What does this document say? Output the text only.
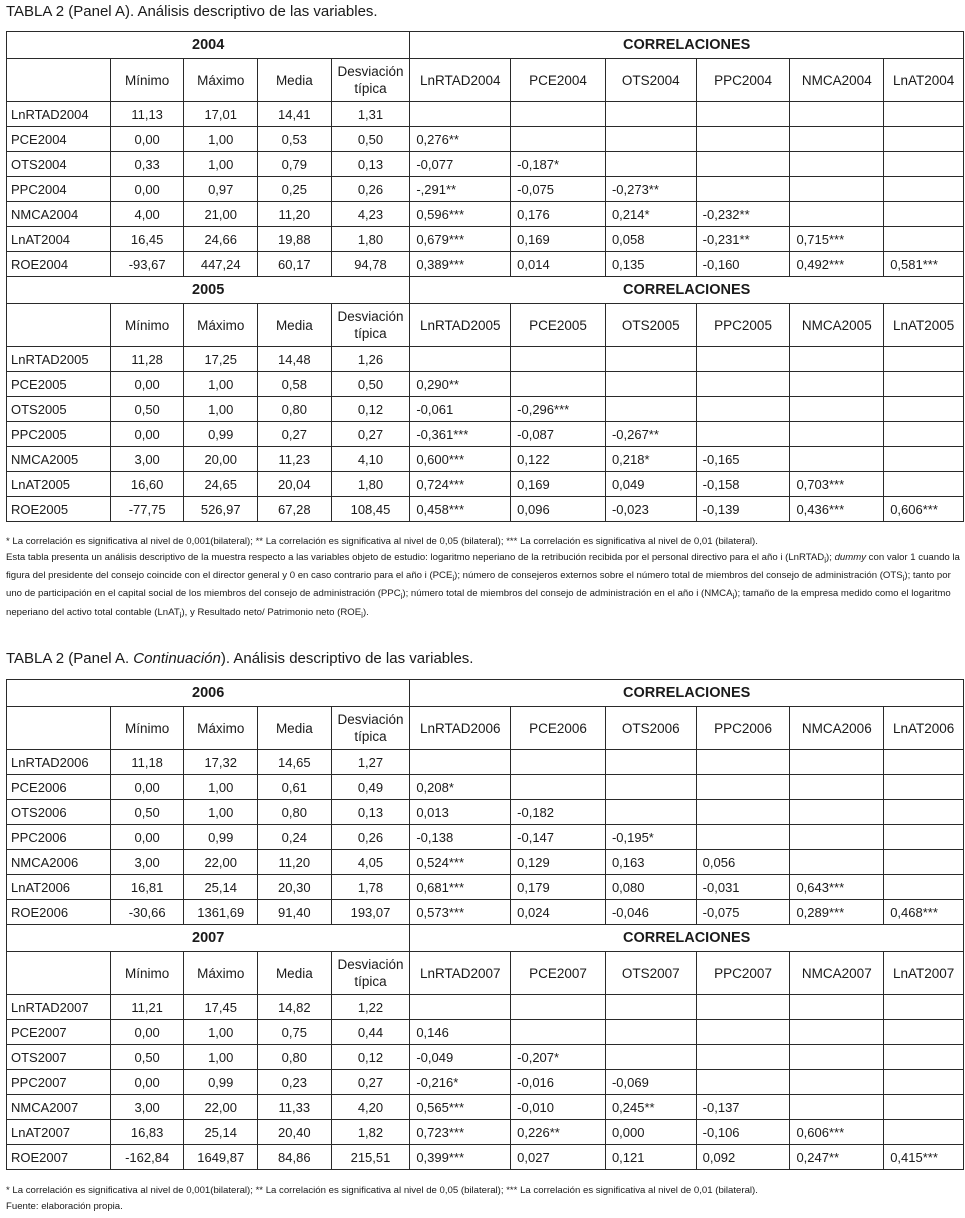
TABLA 2 (Panel A). Análisis descriptivo de las variables.
2004					CORRELACIONES					
	Mínimo	Máximo	Media	Desviación típica	LnRTAD2004	PCE2004	OTS2004	PPC2004	NMCA2004	LnAT2004
LnRTAD2004	11,13	17,01	14,41	1,31						
PCE2004	0,00	1,00	0,53	0,50	0,276**					
OTS2004	0,33	1,00	0,79	0,13	-0,077	-0,187*				
PPC2004	0,00	0,97	0,25	0,26	-,291**	-0,075	-0,273**			
NMCA2004	4,00	21,00	11,20	4,23	0,596***	0,176	0,214*	-0,232**		
LnAT2004	16,45	24,66	19,88	1,80	0,679***	0,169	0,058	-0,231**	0,715***	
ROE2004	-93,67	447,24	60,17	94,78	0,389***	0,014	0,135	-0,160	0,492***	0,581***
2005					CORRELACIONES					
	Mínimo	Máximo	Media	Desviación típica	LnRTAD2005	PCE2005	OTS2005	PPC2005	NMCA2005	LnAT2005
LnRTAD2005	11,28	17,25	14,48	1,26						
PCE2005	0,00	1,00	0,58	0,50	0,290**					
OTS2005	0,50	1,00	0,80	0,12	-0,061	-0,296***				
PPC2005	0,00	0,99	0,27	0,27	-0,361***	-0,087	-0,267**			
NMCA2005	3,00	20,00	11,23	4,10	0,600***	0,122	0,218*	-0,165		
LnAT2005	16,60	24,65	20,04	1,80	0,724***	0,169	0,049	-0,158	0,703***	
ROE2005	-77,75	526,97	67,28	108,45	0,458***	0,096	-0,023	-0,139	0,436***	0,606***

* La correlación es significativa al nivel de 0,001(bilateral); ** La correlación es significativa al nivel de 0,05 (bilateral); *** La correlación es significativa al nivel de 0,01 (bilateral).

Esta tabla presenta un análisis descriptivo de la muestra respecto a las variables objeto de estudio: logaritmo neperiano de la retribución recibida por el personal directivo para el año i (LnRTAD$_i$); dummy con valor 1 cuando la figura del presidente del consejo coincide con el director general y 0 en caso contrario para el año i $(PCE_i)$; número de consejeros externos sobre el número total de miembros del consejo de administración $(OTS_i)$; tanto por uno de participación en el capital social de los miembros del consejo de administración $(PPC_i)$; número total de miembros del consejo de administración en el año i $(NMCA_i)$; tamaño de la empresa medido como el logaritmo neperiano del activo total contable (LnAT$_i$), y Resultado neto/ Patrimonio neto $(ROE_i)$.

TABLA 2 (Panel A. Continuación). Análisis descriptivo de las variables.
2006					CORRELACIONES					
	Mínimo	Máximo	Media	Desviación típica	LnRTAD2006	PCE2006	OTS2006	PPC2006	NMCA2006	LnAT2006
LnRTAD2006	11,18	17,32	14,65	1,27						
PCE2006	0,00	1,00	0,61	0,49	0,208*					
OTS2006	0,50	1,00	0,80	0,13	0,013	-0,182				
PPC2006	0,00	0,99	0,24	0,26	-0,138	-0,147	-0,195*			
NMCA2006	3,00	22,00	11,20	4,05	0,524***	0,129	0,163	0,056		
LnAT2006	16,81	25,14	20,30	1,78	0,681***	0,179	0,080	-0,031	0,643***	
ROE2006	-30,66	1361,69	91,40	193,07	0,573***	0,024	-0,046	-0,075	0,289***	0,468***
2007					CORRELACIONES					
	Mínimo	Máximo	Media	Desviación típica	LnRTAD2007	PCE2007	OTS2007	PPC2007	NMCA2007	LnAT2007
LnRTAD2007	11,21	17,45	14,82	1,22						
PCE2007	0,00	1,00	0,75	0,44	0,146					
OTS2007	0,50	1,00	0,80	0,12	-0,049	-0,207*				
PPC2007	0,00	0,99	0,23	0,27	-0,216*	-0,016	-0,069			
NMCA2007	3,00	22,00	11,33	4,20	0,565***	-0,010	0,245**	-0,137		
LnAT2007	16,83	25,14	20,40	1,82	0,723***	0,226**	0,000	-0,106	0,606***	
ROE2007	-162,84	1649,87	84,86	215,51	0,399***	0,027	0,121	0,092	0,247**	0,415***

* La correlación es significativa al nivel de 0,001(bilateral); ** La correlación es significativa al nivel de 0,05 (bilateral); *** La correlación es significativa al nivel de 0,01 (bilateral).

Fuente: elaboración propia.
